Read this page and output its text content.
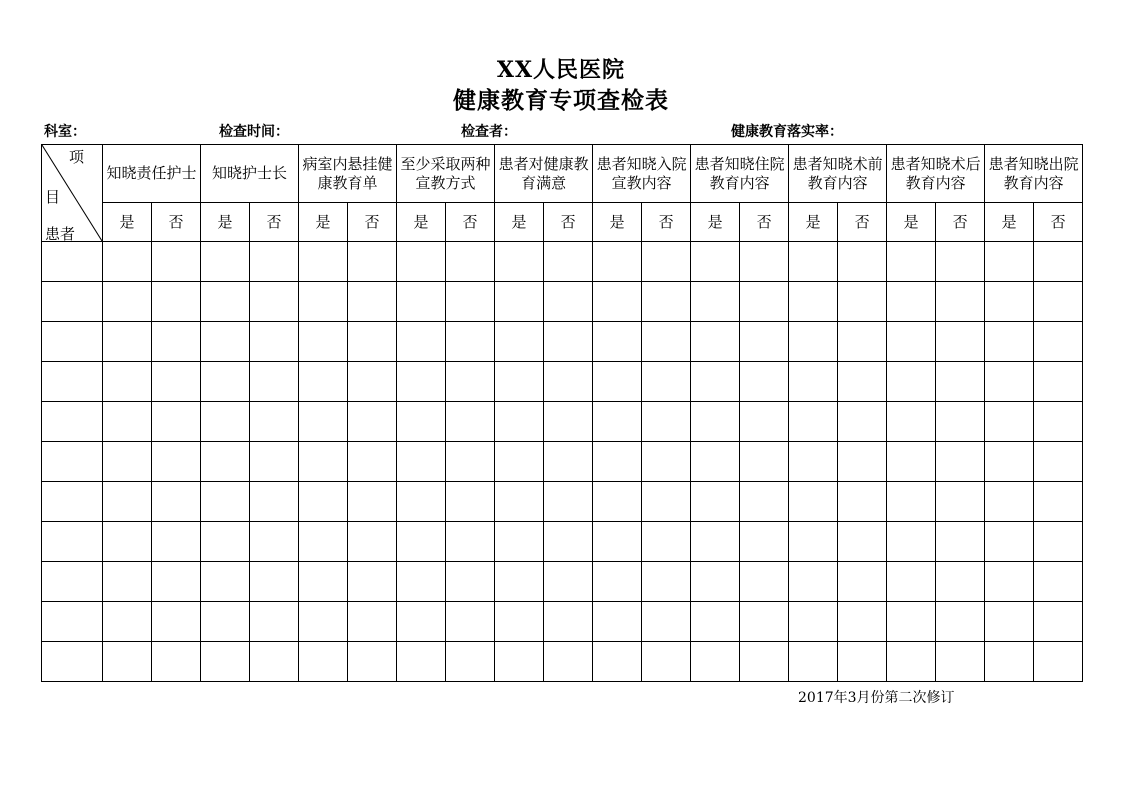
XX人民医院
健康教育专项查检表
科室：	检查时间：	检查者：	健康教育落实率：
项
目
患者	知晓责任护士		知晓护士长		病室内悬挂健康教育单		至少采取两种宣教方式		患者对健康教育满意		患者知晓入院宣教内容		患者知晓住院教育内容		患者知晓术前教育内容		患者知晓术后教育内容		患者知晓出院教育内容	
	是	否	是	否	是	否	是	否	是	否	是	否	是	否	是	否	是	否	是	否

2017年3月份第二次修订
